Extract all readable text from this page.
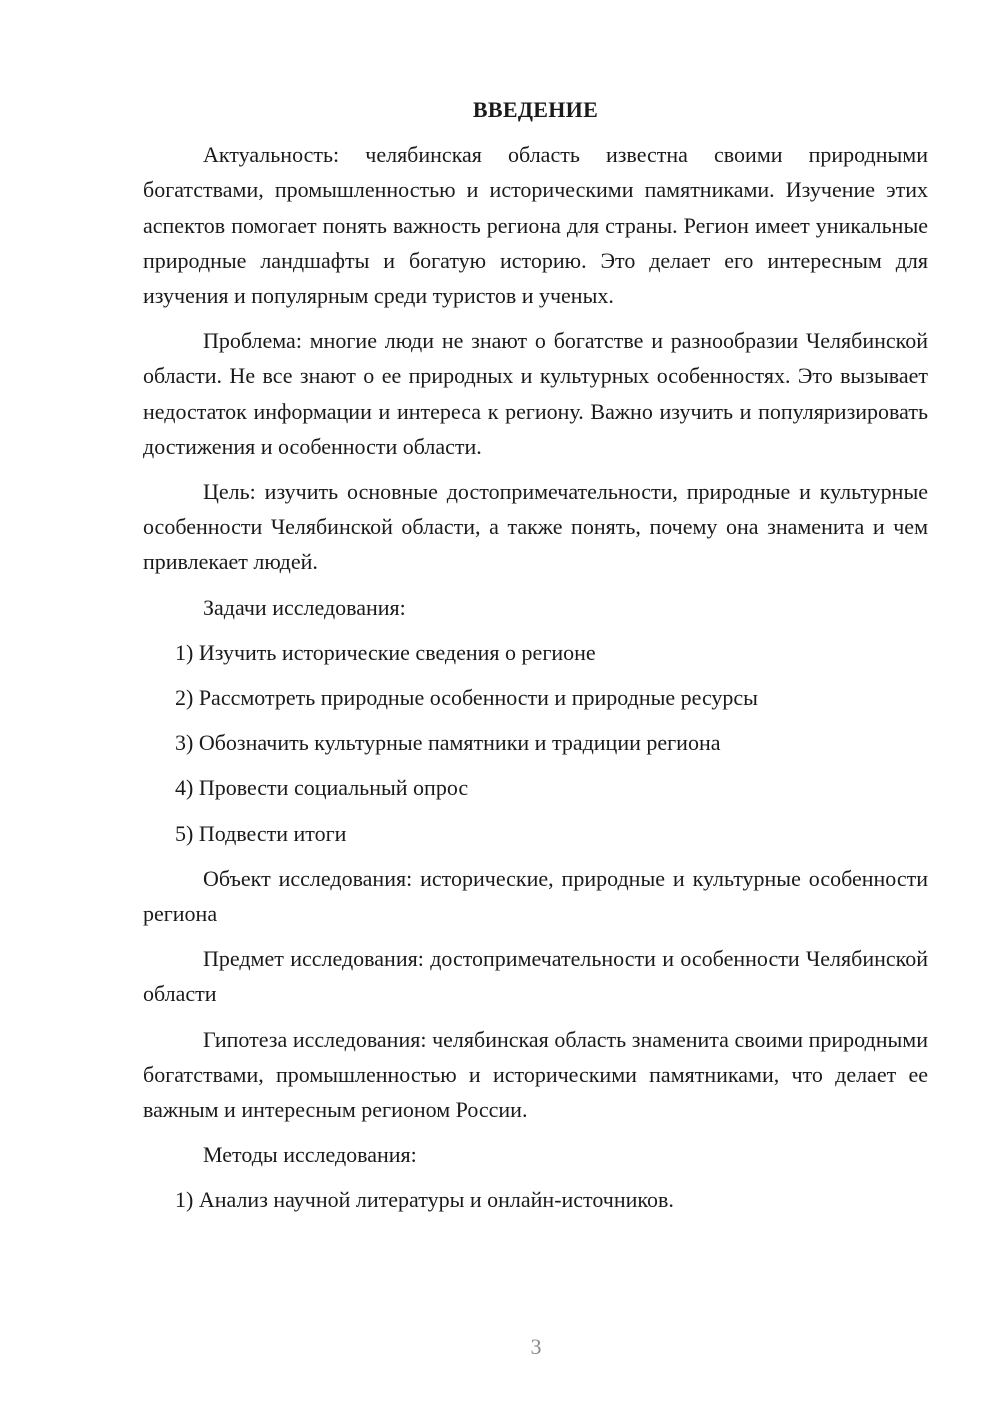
ВВЕДЕНИЕ
Актуальность: челябинская область известна своими природными богатствами, промышленностью и историческими памятниками. Изучение этих аспектов помогает понять важность региона для страны. Регион имеет уникальные природные ландшафты и богатую историю. Это делает его интересным для изучения и популярным среди туристов и ученых.
Проблема: многие люди не знают о богатстве и разнообразии Челябинской области. Не все знают о ее природных и культурных особенностях. Это вызывает недостаток информации и интереса к региону. Важно изучить и популяризировать достижения и особенности области.
Цель: изучить основные достопримечательности, природные и культурные особенности Челябинской области, а также понять, почему она знаменита и чем привлекает людей.
Задачи исследования:
1) Изучить исторические сведения о регионе
2) Рассмотреть природные особенности и природные ресурсы
3) Обозначить культурные памятники и традиции региона
4) Провести социальный опрос
5) Подвести итоги
Объект исследования: исторические, природные и культурные особенности региона
Предмет исследования: достопримечательности и особенности Челябинской области
Гипотеза исследования: челябинская область знаменита своими природными богатствами, промышленностью и историческими памятниками, что делает ее важным и интересным регионом России.
Методы исследования:
1) Анализ научной литературы и онлайн-источников.
3
